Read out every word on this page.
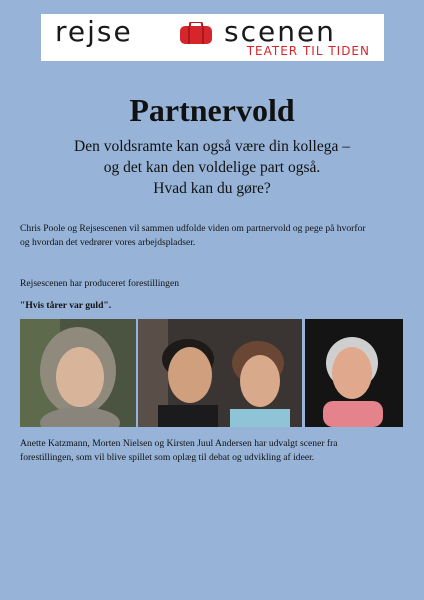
rejse	scenen
TEATER TIL TIDEN
Partnervold
Den voldsramte kan også være din kollega –
og det kan den voldelige part også.
Hvad kan du gøre?
Chris Poole og Rejsescenen vil sammen udfolde viden om partnervold og pege på hvorfor
og hvordan det vedrører vores arbejdspladser.
Rejsescenen har produceret forestillingen
"Hvis tårer var guld".
Anette Katzmann, Morten Nielsen og Kirsten Juul Andersen har udvalgt scener fra
forestillingen, som vil blive spillet som oplæg til debat og udvikling af ideer.
